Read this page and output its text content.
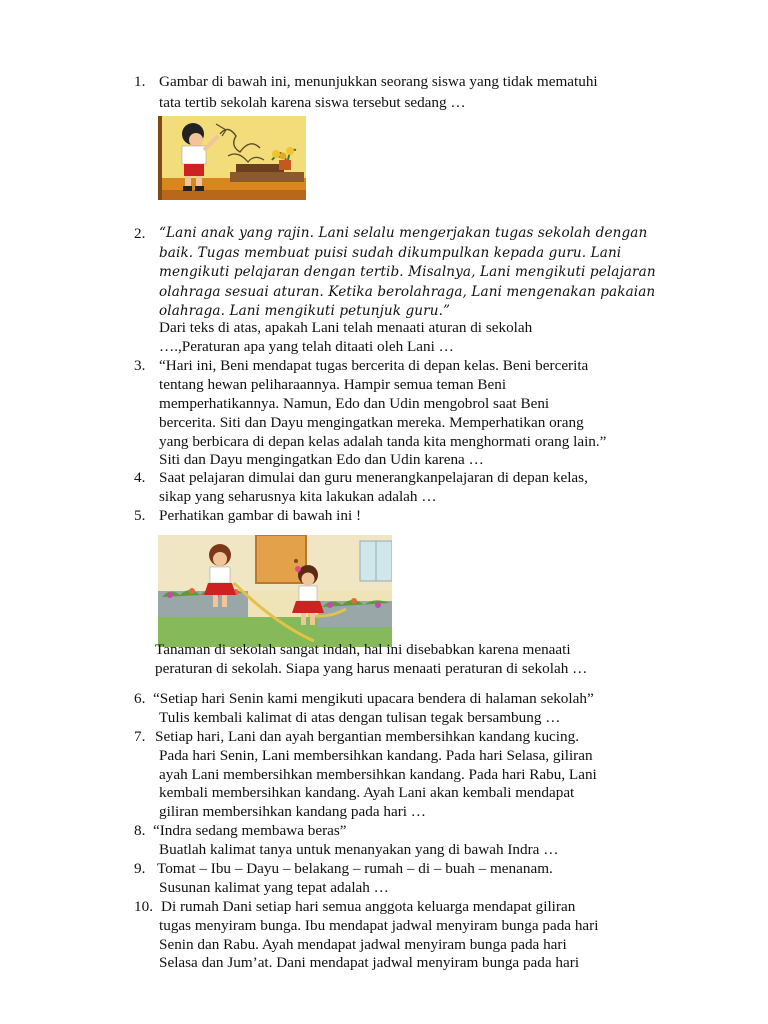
1. Gambar di bawah ini, menunjukkan seorang siswa yang tidak mematuhi
tata tertib sekolah karena siswa tersebut sedang …
2. “Lani anak yang rajin. Lani selalu mengerjakan tugas sekolah dengan
baik. Tugas membuat puisi sudah dikumpulkan kepada guru. Lani
mengikuti pelajaran dengan tertib. Misalnya, Lani mengikuti pelajaran
olahraga sesuai aturan. Ketika berolahraga, Lani mengenakan pakaian
olahraga. Lani mengikuti petunjuk guru.”
Dari teks di atas, apakah Lani telah menaati aturan di sekolah
….,Peraturan apa yang telah ditaati oleh Lani …
3. “Hari ini, Beni mendapat tugas bercerita di depan kelas. Beni bercerita
tentang hewan peliharaannya. Hampir semua teman Beni
memperhatikannya. Namun, Edo dan Udin mengobrol saat Beni
bercerita. Siti dan Dayu mengingatkan mereka. Memperhatikan orang
yang berbicara di depan kelas adalah tanda kita menghormati orang lain.”
Siti dan Dayu mengingatkan Edo dan Udin karena …
4. Saat pelajaran dimulai dan guru menerangkanpelajaran di depan kelas,
sikap yang seharusnya kita lakukan adalah …
5. Perhatikan gambar di bawah ini !
Tanaman di sekolah sangat indah, hal ini disebabkan karena menaati
peraturan di sekolah. Siapa yang harus menaati peraturan di sekolah …
6. “Setiap hari Senin kami mengikuti upacara bendera di halaman sekolah”
Tulis kembali kalimat di atas dengan tulisan tegak bersambung …
7. Setiap hari, Lani dan ayah bergantian membersihkan kandang kucing.
Pada hari Senin, Lani membersihkan kandang. Pada hari Selasa, giliran
ayah Lani membersihkan membersihkan kandang. Pada hari Rabu, Lani
kembali membersihkan kandang. Ayah Lani akan kembali mendapat
giliran membersihkan kandang pada hari …
8. “Indra sedang membawa beras”
Buatlah kalimat tanya untuk menanyakan yang di bawah Indra …
9. Tomat – Ibu – Dayu – belakang – rumah – di – buah – menanam.
Susunan kalimat yang tepat adalah …
10. Di rumah Dani setiap hari semua anggota keluarga mendapat giliran
tugas menyiram bunga. Ibu mendapat jadwal menyiram bunga pada hari
Senin dan Rabu. Ayah mendapat jadwal menyiram bunga pada hari
Selasa dan Jum’at. Dani mendapat jadwal menyiram bunga pada hari
